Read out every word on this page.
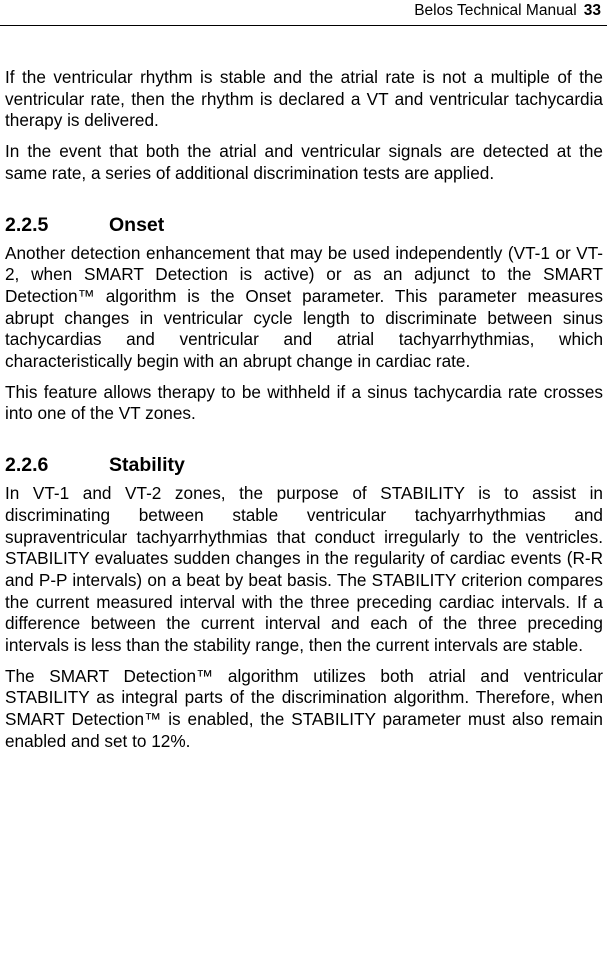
Belos Technical Manual 33

If the ventricular rhythm is stable and the atrial rate is not a multiple of the ventricular rate, then the rhythm is declared a VT and ventricular tachycardia therapy is delivered.

In the event that both the atrial and ventricular signals are detected at the same rate, a series of additional discrimination tests are applied.

2.2.5	Onset

Another detection enhancement that may be used independently (VT-1 or VT-2, when SMART Detection is active) or as an adjunct to the SMART Detection™ algorithm is the Onset parameter. This parameter measures abrupt changes in ventricular cycle length to discriminate between sinus tachycardias and ventricular and atrial tachyarrhythmias, which characteristically begin with an abrupt change in cardiac rate.

This feature allows therapy to be withheld if a sinus tachycardia rate crosses into one of the VT zones.

2.2.6	Stability

In VT-1 and VT-2 zones, the purpose of STABILITY is to assist in discriminating between stable ventricular tachyarrhythmias and supraventricular tachyarrhythmias that conduct irregularly to the ventricles. STABILITY evaluates sudden changes in the regularity of cardiac events (R-R and P-P intervals) on a beat by beat basis. The STABILITY criterion compares the current measured interval with the three preceding cardiac intervals. If a difference between the current interval and each of the three preceding intervals is less than the stability range, then the current intervals are stable.

The SMART Detection™ algorithm utilizes both atrial and ventricular STABILITY as integral parts of the discrimination algorithm. Therefore, when SMART Detection™ is enabled, the STABILITY parameter must also remain enabled and set to 12%.
